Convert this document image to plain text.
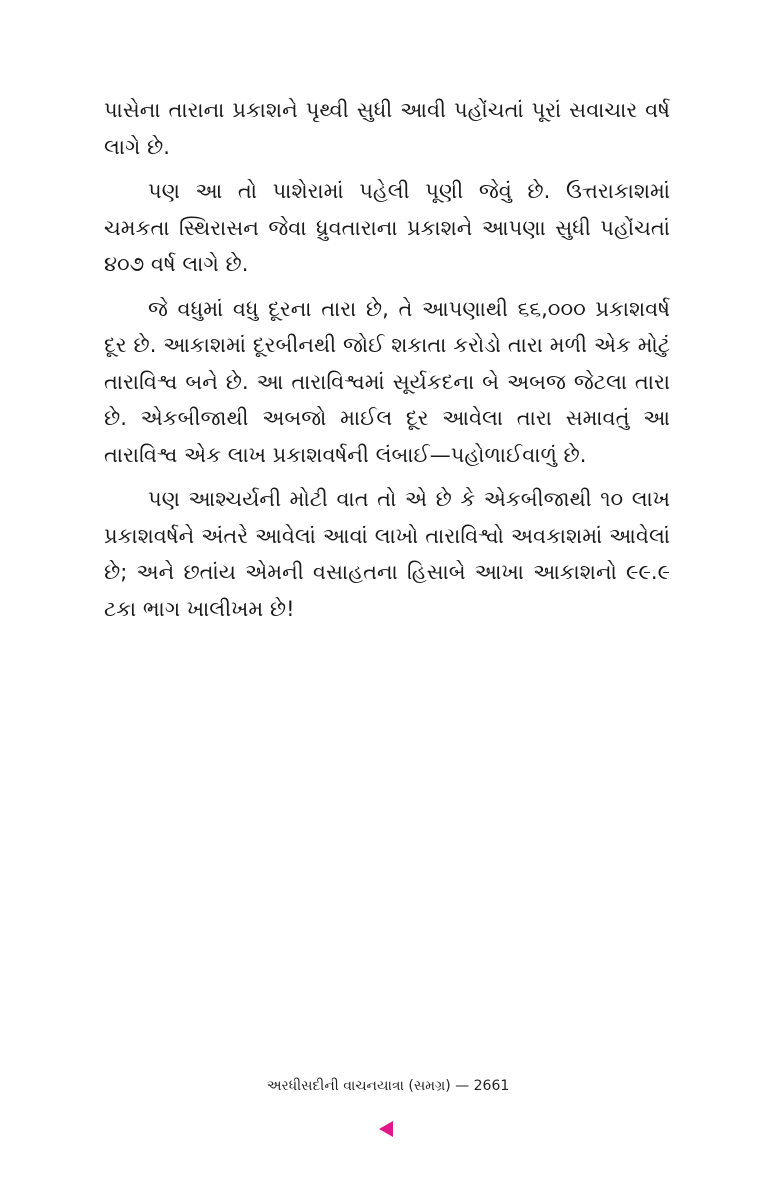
પાસેના તારાના પ્રકાશને પૃથ્વી સુધી આવી પહોંચતાં પૂરાં સવાચાર વર્ષ લાગે છે.

પણ આ તો પાશેરામાં પહેલી પૂણી જેવું છે. ઉત્તરાકાશમાં ચમકતા સ્થિરાસન જેવા ધ્રુવતારાના પ્રકાશને આપણા સુધી પહોંચતાં ૪૦૭ વર્ષ લાગે છે.

જે વધુમાં વધુ દૂરના તારા છે, તે આપણાથી ૬૬,૦૦૦ પ્રકાશવર્ષ દૂર છે. આકાશમાં દૂરબીનથી જોઈ શકાતા કરોડો તારા મળી એક મોટું તારાવિશ્વ બને છે. આ તારાવિશ્વમાં સૂર્યકદના બે અબજ જેટલા તારા છે. એકબીજાથી અબજો માઈલ દૂર આવેલા તારા સમાવતું આ તારાવિશ્વ એક લાખ પ્રકાશવર્ષની લંબાઈ—પહોળાઈવાળું છે.

પણ આશ્ચર્યની મોટી વાત તો એ છે કે એકબીજાથી ૧૦ લાખ પ્રકાશવર્ષને અંતરે આવેલાં આવાં લાખો તારાવિશ્વો અવકાશમાં આવેલાં છે; અને છતાંય એમની વસાહતના હિસાબે આખા આકાશનો ૯૯.૯ ટકા ભાગ ખાલીખમ છે!

અરધીસદીની વાચનયાત્રા (સમગ્ર) — 2661
